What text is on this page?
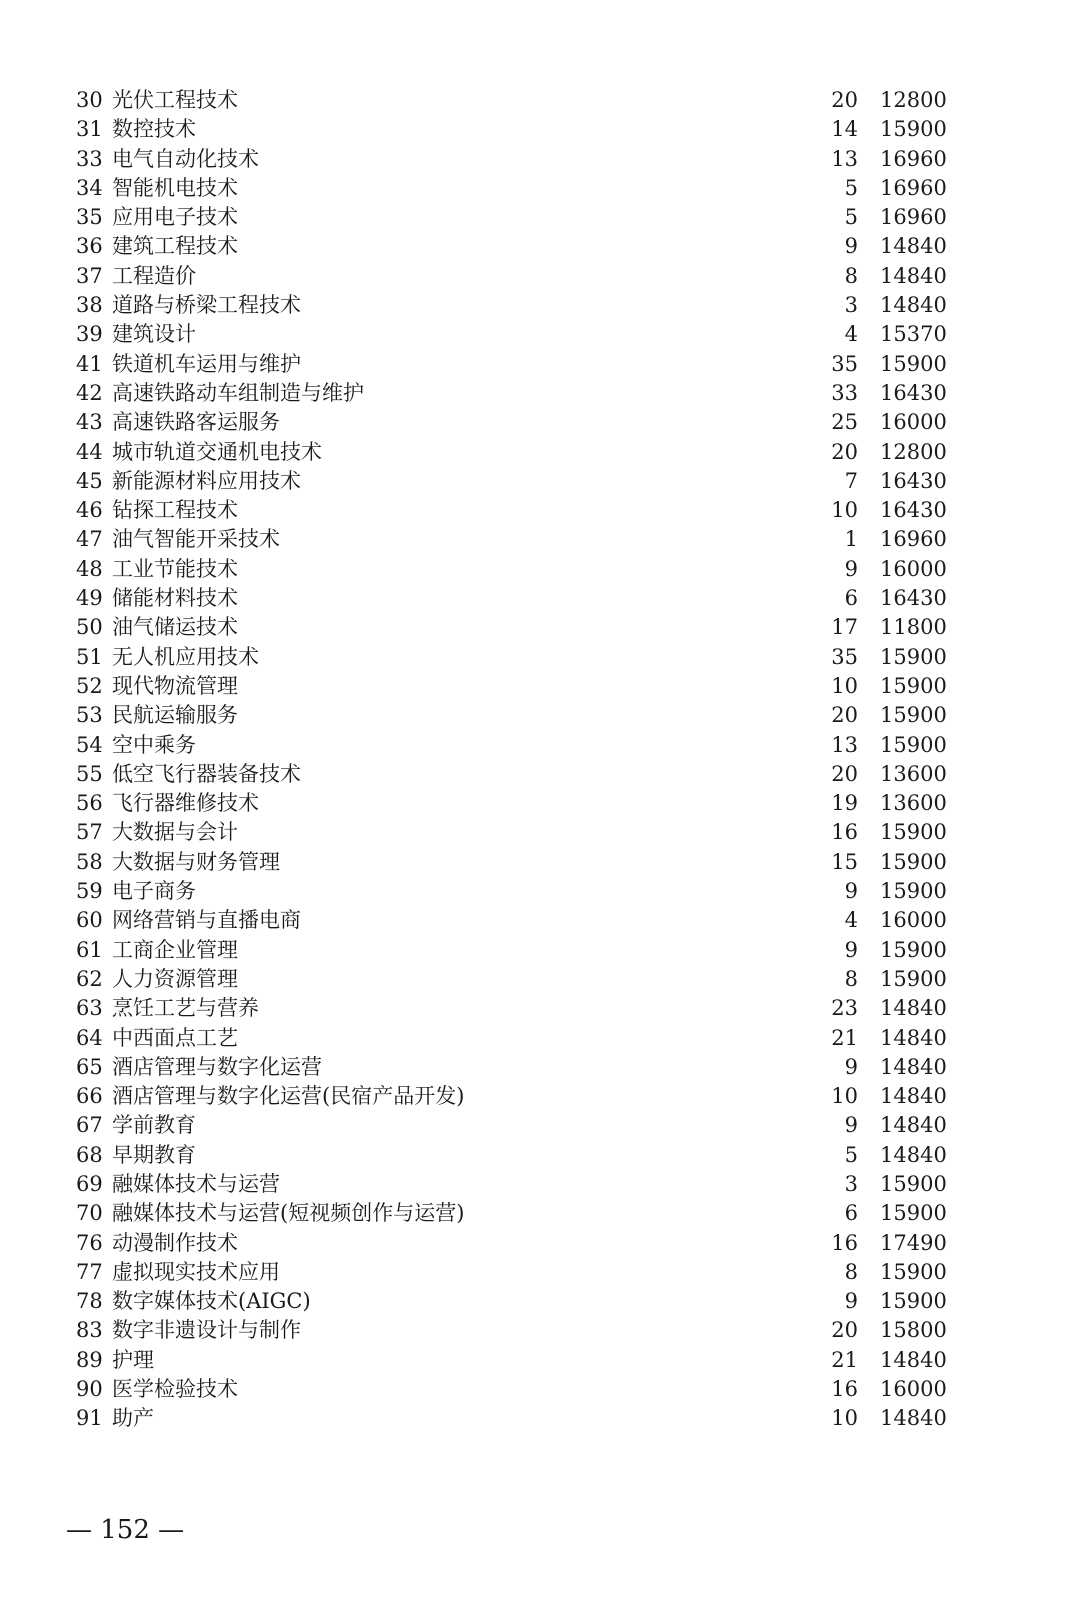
30 光伏工程技术	20 12800
31 数控技术	14 15900
33 电气自动化技术	13 16960
34 智能机电技术	5 16960
35 应用电子技术	5 16960
36 建筑工程技术	9 14840
37 工程造价	8 14840
38 道路与桥梁工程技术	3 14840
39 建筑设计	4 15370
41 铁道机车运用与维护	35 15900
42 高速铁路动车组制造与维护	33 16430
43 高速铁路客运服务	25 16000
44 城市轨道交通机电技术	20 12800
45 新能源材料应用技术	7 16430
46 钻探工程技术	10 16430
47 油气智能开采技术	1 16960
48 工业节能技术	9 16000
49 储能材料技术	6 16430
50 油气储运技术	17 11800
51 无人机应用技术	35 15900
52 现代物流管理	10 15900
53 民航运输服务	20 15900
54 空中乘务	13 15900
55 低空飞行器装备技术	20 13600
56 飞行器维修技术	19 13600
57 大数据与会计	16 15900
58 大数据与财务管理	15 15900
59 电子商务	9 15900
60 网络营销与直播电商	4 16000
61 工商企业管理	9 15900
62 人力资源管理	8 15900
63 烹饪工艺与营养	23 14840
64 中西面点工艺	21 14840
65 酒店管理与数字化运营	9 14840
66 酒店管理与数字化运营(民宿产品开发)	10 14840
67 学前教育	9 14840
68 早期教育	5 14840
69 融媒体技术与运营	3 15900
70 融媒体技术与运营(短视频创作与运营)	6 15900
76 动漫制作技术	16 17490
77 虚拟现实技术应用	8 15900
78 数字媒体技术(AIGC)	9 15900
83 数字非遗设计与制作	20 15800
89 护理	21 14840
90 医学检验技术	16 16000
91 助产	10 14840
— 152 —
